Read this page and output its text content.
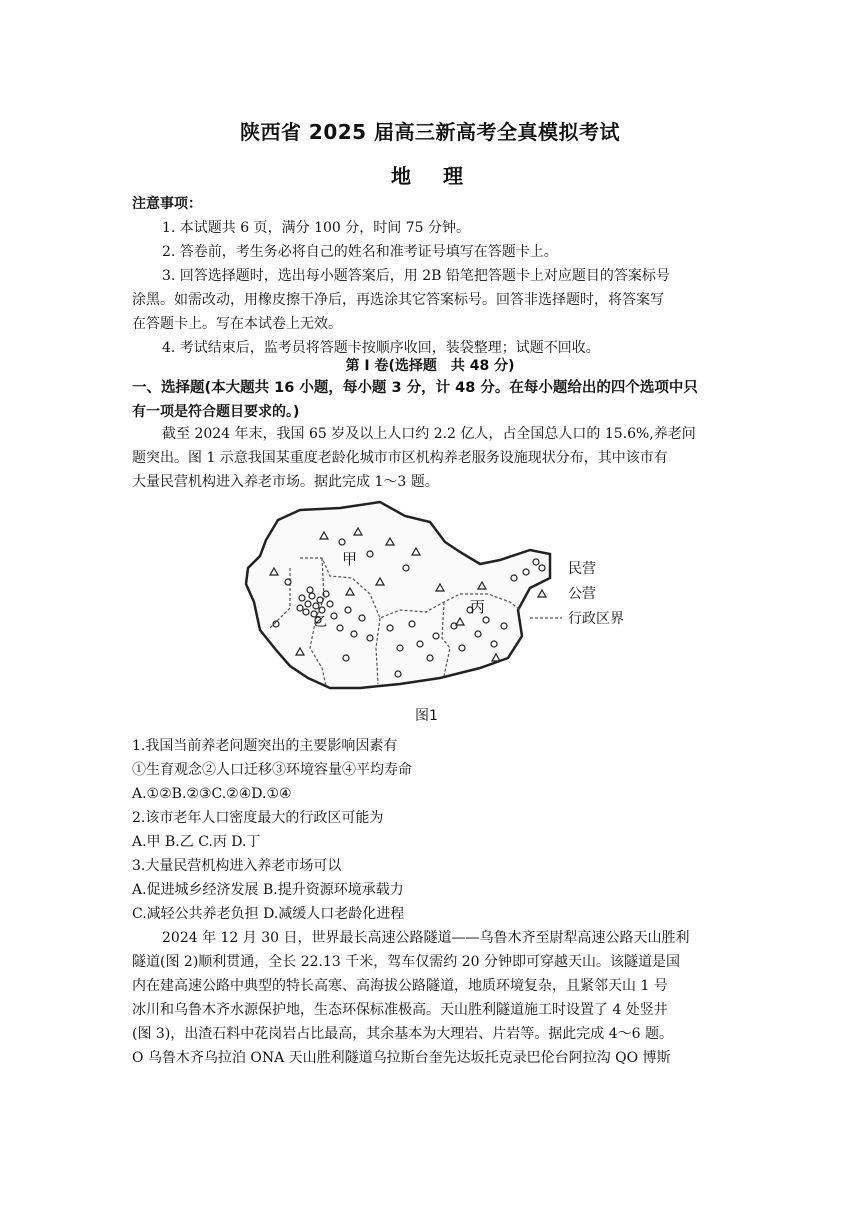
陕西省 2025 届高三新高考全真模拟考试
地　理
注意事项：
1. 本试题共 6 页，满分 100 分，时间 75 分钟。
2. 答卷前，考生务必将自己的姓名和准考证号填写在答题卡上。
3. 回答选择题时，选出每小题答案后，用 2B 铅笔把答题卡上对应题目的答案标号
涂黑。如需改动，用橡皮擦干净后，再选涂其它答案标号。回答非选择题时，将答案写
在答题卡上。写在本试卷上无效。
4. 考试结束后，监考员将答题卡按顺序收回，装袋整理；试题不回收。
第 Ⅰ 卷(选择题　共 48 分)
一、选择题(本大题共 16 小题，每小题 3 分，计 48 分。在每小题给出的四个选项中只
有一项是符合题目要求的。)
截至 2024 年末，我国 65 岁及以上人口约 2.2 亿人，占全国总人口的 15.6%,养老问
题突出。图 1 示意我国某重度老龄化城市市区机构养老服务设施现状分布，其中该市有
大量民营机构进入养老市场。据此完成 1～3 题。
甲
乙
丙
民营
公营
行政区界
图1
1.我国当前养老问题突出的主要影响因素有
①生育观念②人口迁移③环境容量④平均寿命
A.①②B.②③C.②④D.①④
2.该市老年人口密度最大的行政区可能为
A.甲 B.乙 C.丙 D.丁
3.大量民营机构进入养老市场可以
A.促进城乡经济发展 B.提升资源环境承载力
C.减轻公共养老负担 D.减缓人口老龄化进程
2024 年 12 月 30 日，世界最长高速公路隧道——乌鲁木齐至尉犁高速公路天山胜利
隧道(图 2)顺利贯通，全长 22.13 千米，驾车仅需约 20 分钟即可穿越天山。该隧道是国
内在建高速公路中典型的特长高寒、高海拔公路隧道，地质环境复杂，且紧邻天山 1 号
冰川和乌鲁木齐水源保护地，生态环保标准极高。天山胜利隧道施工时设置了 4 处竖井
(图 3)，出渣石料中花岗岩占比最高，其余基本为大理岩、片岩等。据此完成 4～6 题。
O 乌鲁木齐乌拉泊 ONA 天山胜利隧道乌拉斯台奎先达坂托克录巴伦台阿拉沟 QO 博斯
